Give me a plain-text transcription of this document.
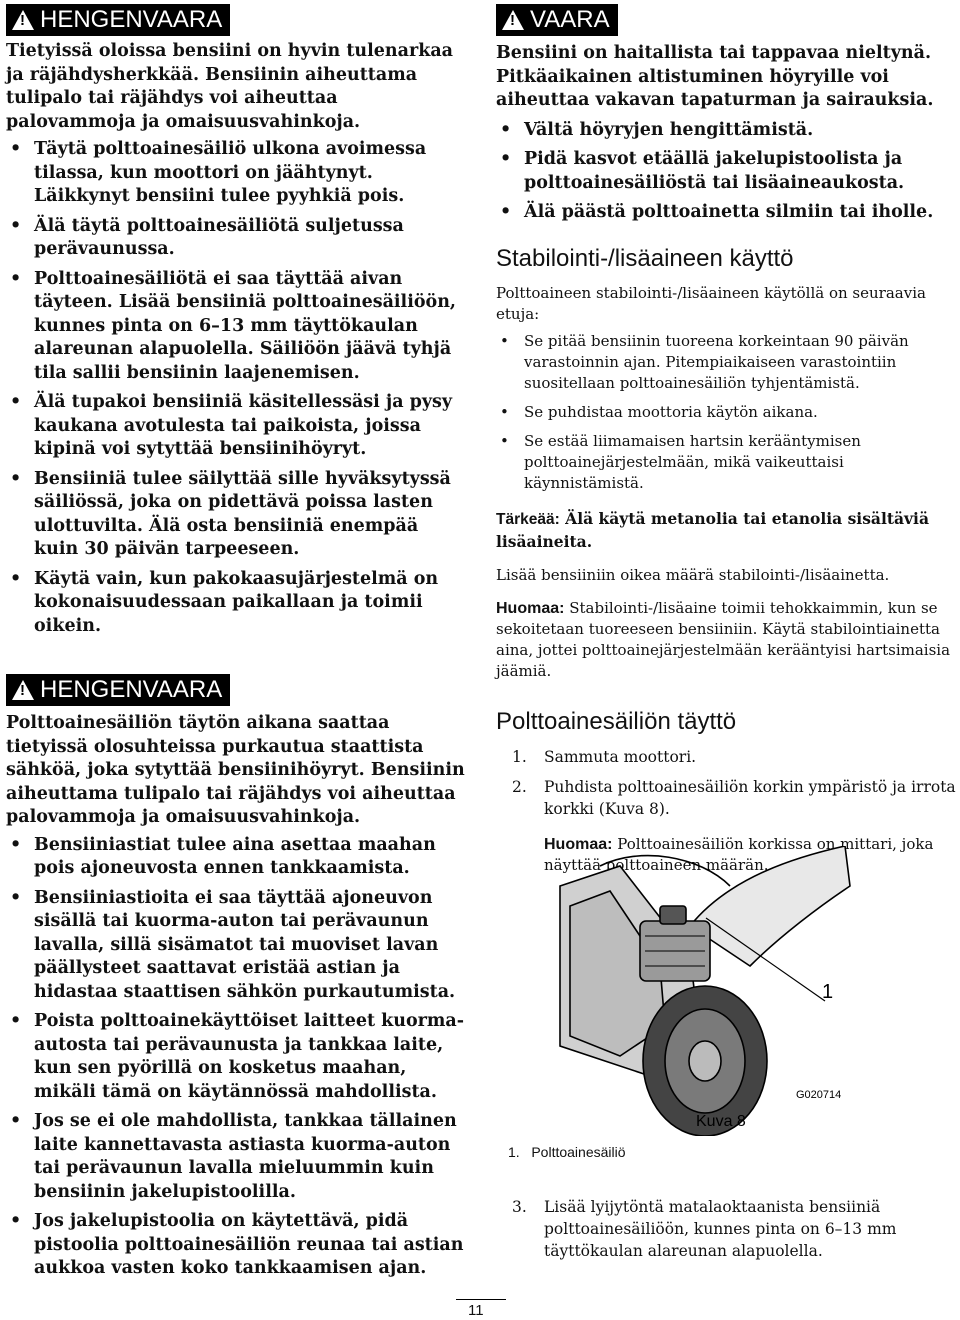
! HENGENVAARA

Tietyissä oloissa bensiini on hyvin tulenarkaa ja räjähdysherkkää. Bensiinin aiheuttama tulipalo tai räjähdys voi aiheuttaa palovammoja ja omaisuusvahinkoja.

• Täytä polttoainesäiliö ulkona avoimessa tilassa, kun moottori on jäähtynyt. Läikkynyt bensiini tulee pyyhkiä pois.
• Älä täytä polttoainesäiliötä suljetussa perävaunussa.
• Polttoainesäiliötä ei saa täyttää aivan täyteen. Lisää bensiiniä polttoainesäiliöön, kunnes pinta on 6–13 mm täyttökaulan alareunan alapuolella. Säiliöön jäävä tyhjä tila sallii bensiinin laajenemisen.
• Älä tupakoi bensiiniä käsitellessäsi ja pysy kaukana avotulesta tai paikoista, joissa kipinä voi sytyttää bensiinihöyryt.
• Bensiiniä tulee säilyttää sille hyväksytyssä säiliössä, joka on pidettävä poissa lasten ulottuvilta. Älä osta bensiiniä enempää kuin 30 päivän tarpeeseen.
• Käytä vain, kun pakokaasujärjestelmä on kokonaisuudessaan paikallaan ja toimii oikein.
! HENGENVAARA

Polttoainesäiliön täytön aikana saattaa tietyissä olosuhteissa purkautua staattista sähköä, joka sytyttää bensiinihöyryt. Bensiinin aiheuttama tulipalo tai räjähdys voi aiheuttaa palovammoja ja omaisuusvahinkoja.

• Bensiiniastiat tulee aina asettaa maahan pois ajoneuvosta ennen tankkaamista.
• Bensiiniastioita ei saa täyttää ajoneuvon sisällä tai kuorma-auton tai perävaunun lavalla, sillä sisämatot tai muoviset lavan päällysteet saattavat eristää astian ja hidastaa staattisen sähkön purkautumista.
• Poista polttoainekäyttöiset laitteet kuorma-autosta tai perävaunusta ja tankkaa laite, kun sen pyörillä on kosketus maahan, mikäli tämä on käytännössä mahdollista.
• Jos se ei ole mahdollista, tankkaa tällainen laite kannettavasta astiasta kuorma-auton tai perävaunun lavalla mieluummin kuin bensiinin jakelupistoolilla.
• Jos jakelupistoolia on käytettävä, pidä pistoolia polttoainesäiliön reunaa tai astian aukkoa vasten koko tankkaamisen ajan.
! VAARA

Bensiini on haitallista tai tappavaa nieltynä. Pitkäaikainen altistuminen höyryille voi aiheuttaa vakavan tapaturman ja sairauksia.

• Vältä höyryjen hengittämistä.
• Pidä kasvot etäällä jakelupistoolista ja polttoainesäiliöstä tai lisäaineaukosta.
• Älä päästä polttoainetta silmiin tai iholle.
Stabilointi-/lisäaineen käyttö

Polttoaineen stabilointi-/lisäaineen käytöllä on seuraavia etuja:

• Se pitää bensiinin tuoreena korkeintaan 90 päivän varastoinnin ajan. Pitempiaikaiseen varastointiin suositellaan polttoainesäiliön tyhjentämistä.
• Se puhdistaa moottoria käytön aikana.
• Se estää liimamaisen hartsin kerääntymisen polttoainejärjestelmään, mikä vaikeuttaisi käynnistämistä.

Tärkeää: Älä käytä metanolia tai etanolia sisältäviä lisäaineita.

Lisää bensiiniin oikea määrä stabilointi-/lisäainetta.

Huomaa: Stabilointi-/lisäaine toimii tehokkaimmin, kun se sekoitetaan tuoreeseen bensiiniin. Käytä stabilointiainetta aina, jottei polttoainejärjestelmään kerääntyisi hartsimaisia jäämiä.

Polttoainesäiliön täyttö
1. Sammuta moottori.
2. Puhdista polttoainesäiliön korkin ympäristö ja irrota korkki (Kuva 8).

Huomaa: Polttoainesäiliön korkissa on mittari, joka näyttää polttoaineen määrän.

1
G020714
Kuva 8
1.   Polttoainesäiliö
3. Lisää lyijytöntä matalaoktaanista bensiiniä polttoainesäiliöön, kunnes pinta on 6–13 mm täyttökaulan alareunan alapuolella.
11
